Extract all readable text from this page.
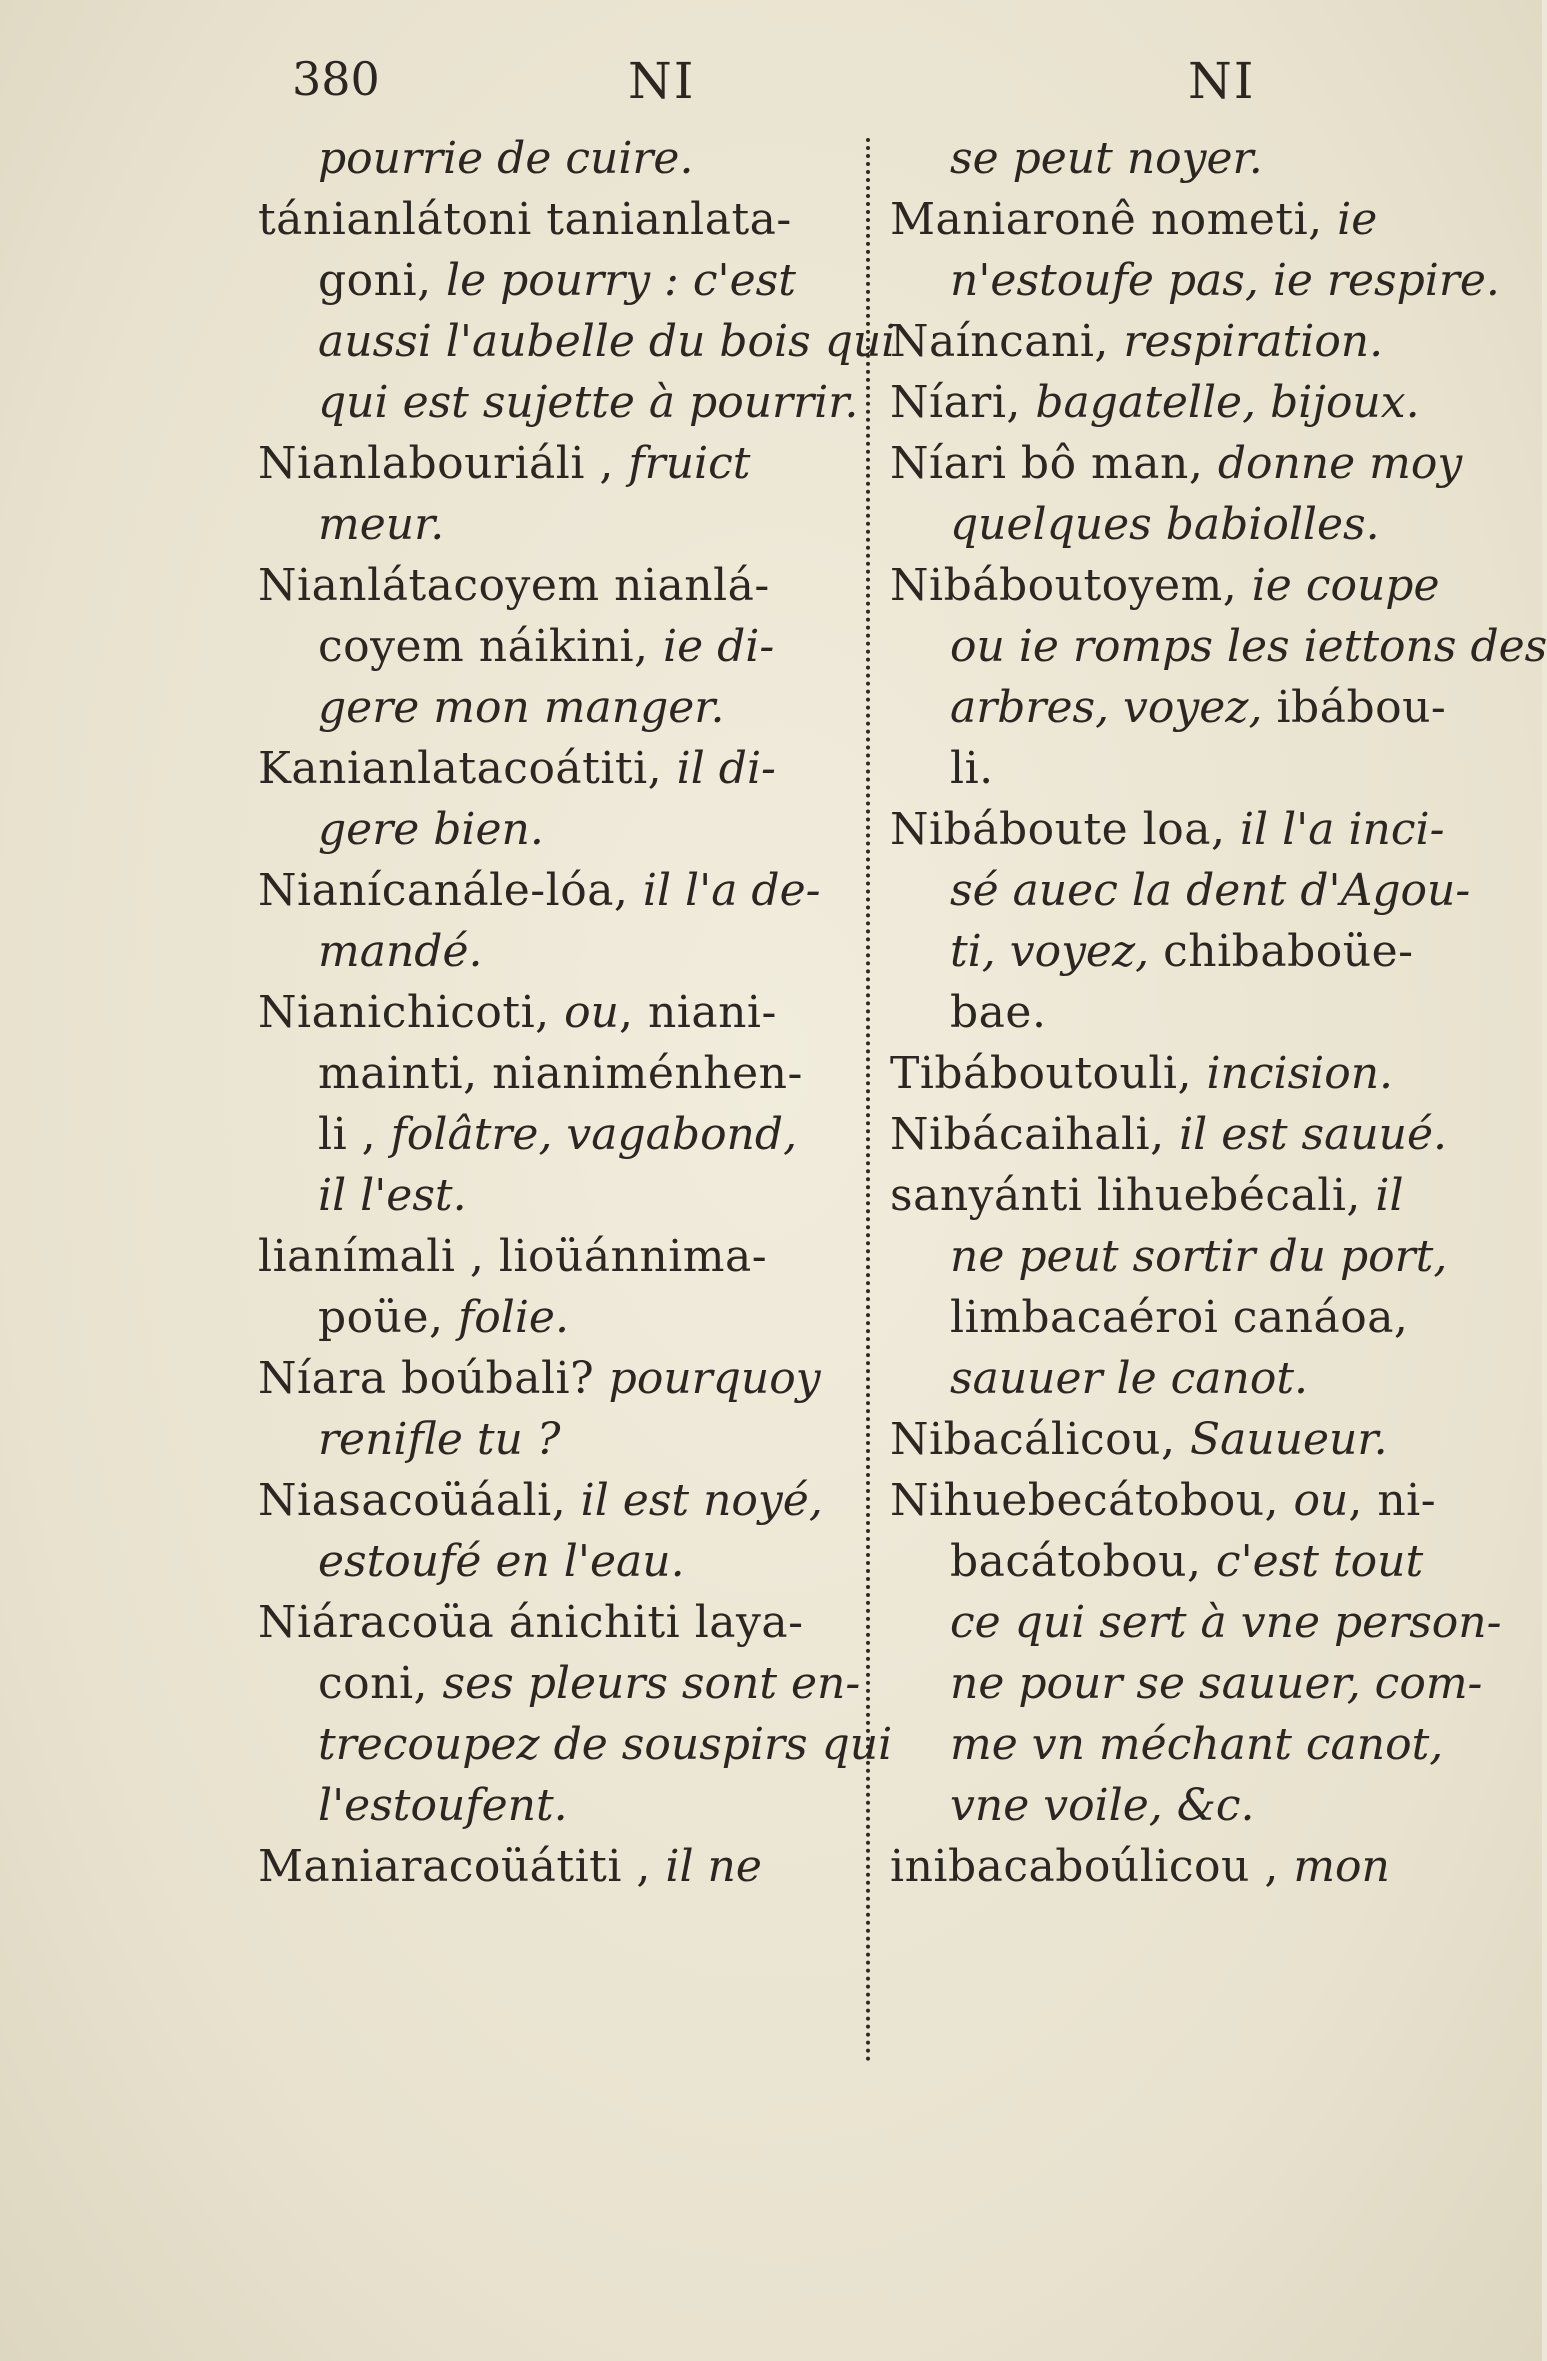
380	NI	NI
pourrie de cuire.
tánianlátoni tanianlata-
goni, le pourry : c'est
aussi l'aubelle du bois qui
qui est sujette à pourrir.
Nianlabouriáli , fruict
meur.
Nianlátacoyem nianlá-
coyem náikini, ie di-
gere mon manger.
Kanianlatacoátiti, il di-
gere bien.
Nianícanále-lóa, il l'a de-
mandé.
Nianichicoti, ou, niani-
mainti, nianiménhen-
li , folâtre, vagabond,
il l'est.
lianímali , lioüánnima-
poüe, folie.
Níara boúbali? pourquoy
renifle tu ?
Niasacoüáali, il est noyé,
estoufé en l'eau.
Niáracoüa ánichiti laya-
coni, ses pleurs sont en-
trecoupez de souspirs qui
l'estoufent.
Maniaracoüátiti , il ne
se peut noyer.
Maniaronê nometi, ie
n'estoufe pas, ie respire.
Naíncani, respiration.
Níari, bagatelle, bijoux.
Níari bô man, donne moy
quelques babiolles.
Nibáboutoyem, ie coupe
ou ie romps les iettons des
arbres, voyez, ibábou-
li.
Nibáboute loa, il l'a inci-
sé auec la dent d'Agou-
ti, voyez, chibaboüe-
bae.
Tibáboutouli, incision.
Nibácaihali, il est sauué.
sanyánti lihuebécali, il
ne peut sortir du port,
limbacaéroi canáoa,
sauuer le canot.
Nibacálicou, Sauueur.
Nihuebecátobou, ou, ni-
bacátobou, c'est tout
ce qui sert à vne person-
ne pour se sauuer, com-
me vn méchant canot,
vne voile, &c.
inibacaboúlicou , mon
